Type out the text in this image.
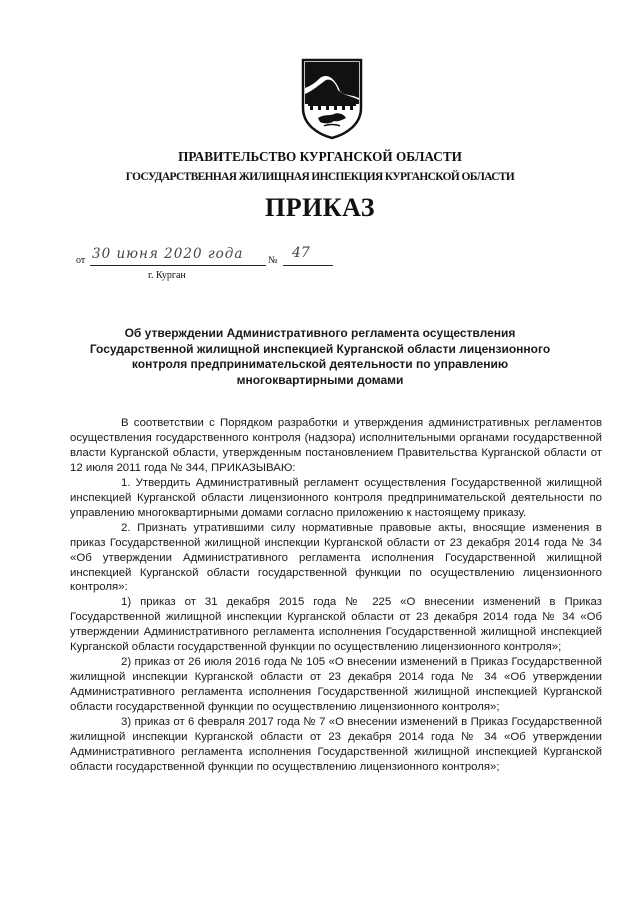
ПРАВИТЕЛЬСТВО КУРГАНСКОЙ ОБЛАСТИ
ГОСУДАРСТВЕННАЯ ЖИЛИЩНАЯ ИНСПЕКЦИЯ КУРГАНСКОЙ ОБЛАСТИ
ПРИКАЗ
от 30 июня 2020 года	№ 47
г. Курган
Об утверждении Административного регламента осуществления
Государственной жилищной инспекцией Курганской области лицензионного
контроля предпринимательской деятельности по управлению
многоквартирными домами

В соответствии с Порядком разработки и утверждения административных регламентов осуществления государственного контроля (надзора) исполнительными органами государственной власти Курганской области, утвержденным постановлением Правительства Курганской области от 12 июля 2011 года № 344, ПРИКАЗЫВАЮ:

1. Утвердить Административный регламент осуществления Государственной жилищной инспекцией Курганской области лицензионного контроля предпринимательской деятельности по управлению многоквартирными домами согласно приложению к настоящему приказу.

2. Признать утратившими силу нормативные правовые акты, вносящие изменения в приказ Государственной жилищной инспекции Курганской области от 23 декабря 2014 года № 34 «Об утверждении Административного регламента исполнения Государственной жилищной инспекцией Курганской области государственной функции по осуществлению лицензионного контроля»:

1) приказ от 31 декабря 2015 года № 225 «О внесении изменений в Приказ Государственной жилищной инспекции Курганской области от 23 декабря 2014 года № 34 «Об утверждении Административного регламента исполнения Государственной жилищной инспекцией Курганской области государственной функции по осуществлению лицензионного контроля»;

2) приказ от 26 июля 2016 года № 105 «О внесении изменений в Приказ Государственной жилищной инспекции Курганской области от 23 декабря 2014 года № 34 «Об утверждении Административного регламента исполнения Государственной жилищной инспекцией Курганской области государственной функции по осуществлению лицензионного контроля»;

3) приказ от 6 февраля 2017 года № 7 «О внесении изменений в Приказ Государственной жилищной инспекции Курганской области от 23 декабря 2014 года № 34 «Об утверждении Административного регламента исполнения Государственной жилищной инспекцией Курганской области государственной функции по осуществлению лицензионного контроля»;
